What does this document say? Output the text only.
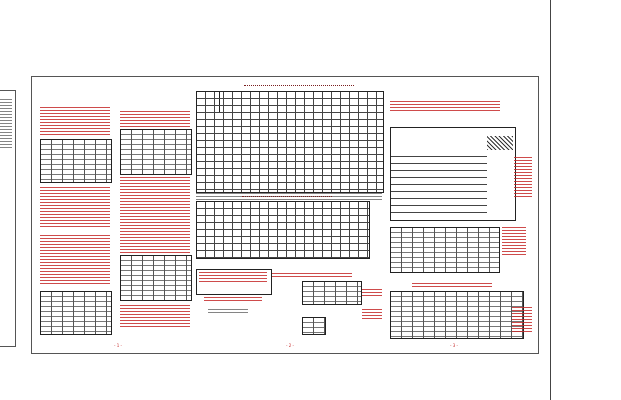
- 1 -	- 2 -	- 3 -
